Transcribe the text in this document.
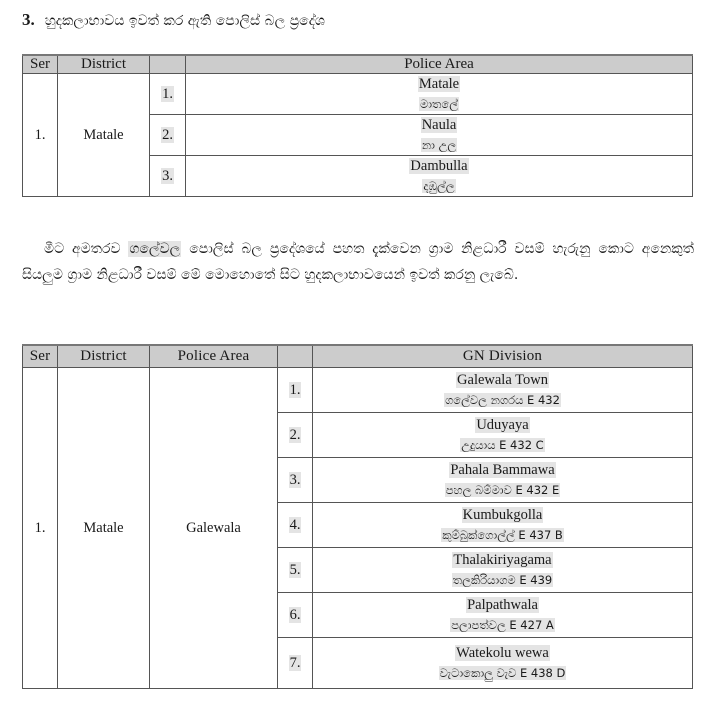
3. හුදකලාභාවය ඉවත් කර ඇති පොලිස් බල ප්‍රදේශ
Ser	District		Police Area
1.	Matale	1.	Matale
මාතලේ

		2.	Naula
නා උල

		3.	Dambulla
දඹුල්ල

මීට අමතරව ගලේවල පොලිස් බල ප්‍රදේශයේ පහත දැක්වෙන ග්‍රාම නිළධාරී වසම් හැරුනු කොට අනෙකුත් සියලුම ග්‍රාම නිළධාරී වසම් මේ මොහොතේ සිට හුදකලාභාවයෙන් ඉවත් කරනු ලැබේ.

Ser	District	Police Area		GN Division
1.	Matale	Galewala	1.	Galewala Town
ගලේවල නගරය E 432

			2.	Uduyaya
උදුයාය E 432 C

			3.	Pahala Bammawa
පහල බම්මාව E 432 E

			4.	Kumbukgolla
කුම්බුක්ගොල්ල් E 437 B

			5.	Thalakiriyagama
තලකිරියාගම E 439

			6.	Palpathwala
පලාපත්වල E 427 A

			7.	Watekolu wewa
වැටාකොලු වැව E 438 D
